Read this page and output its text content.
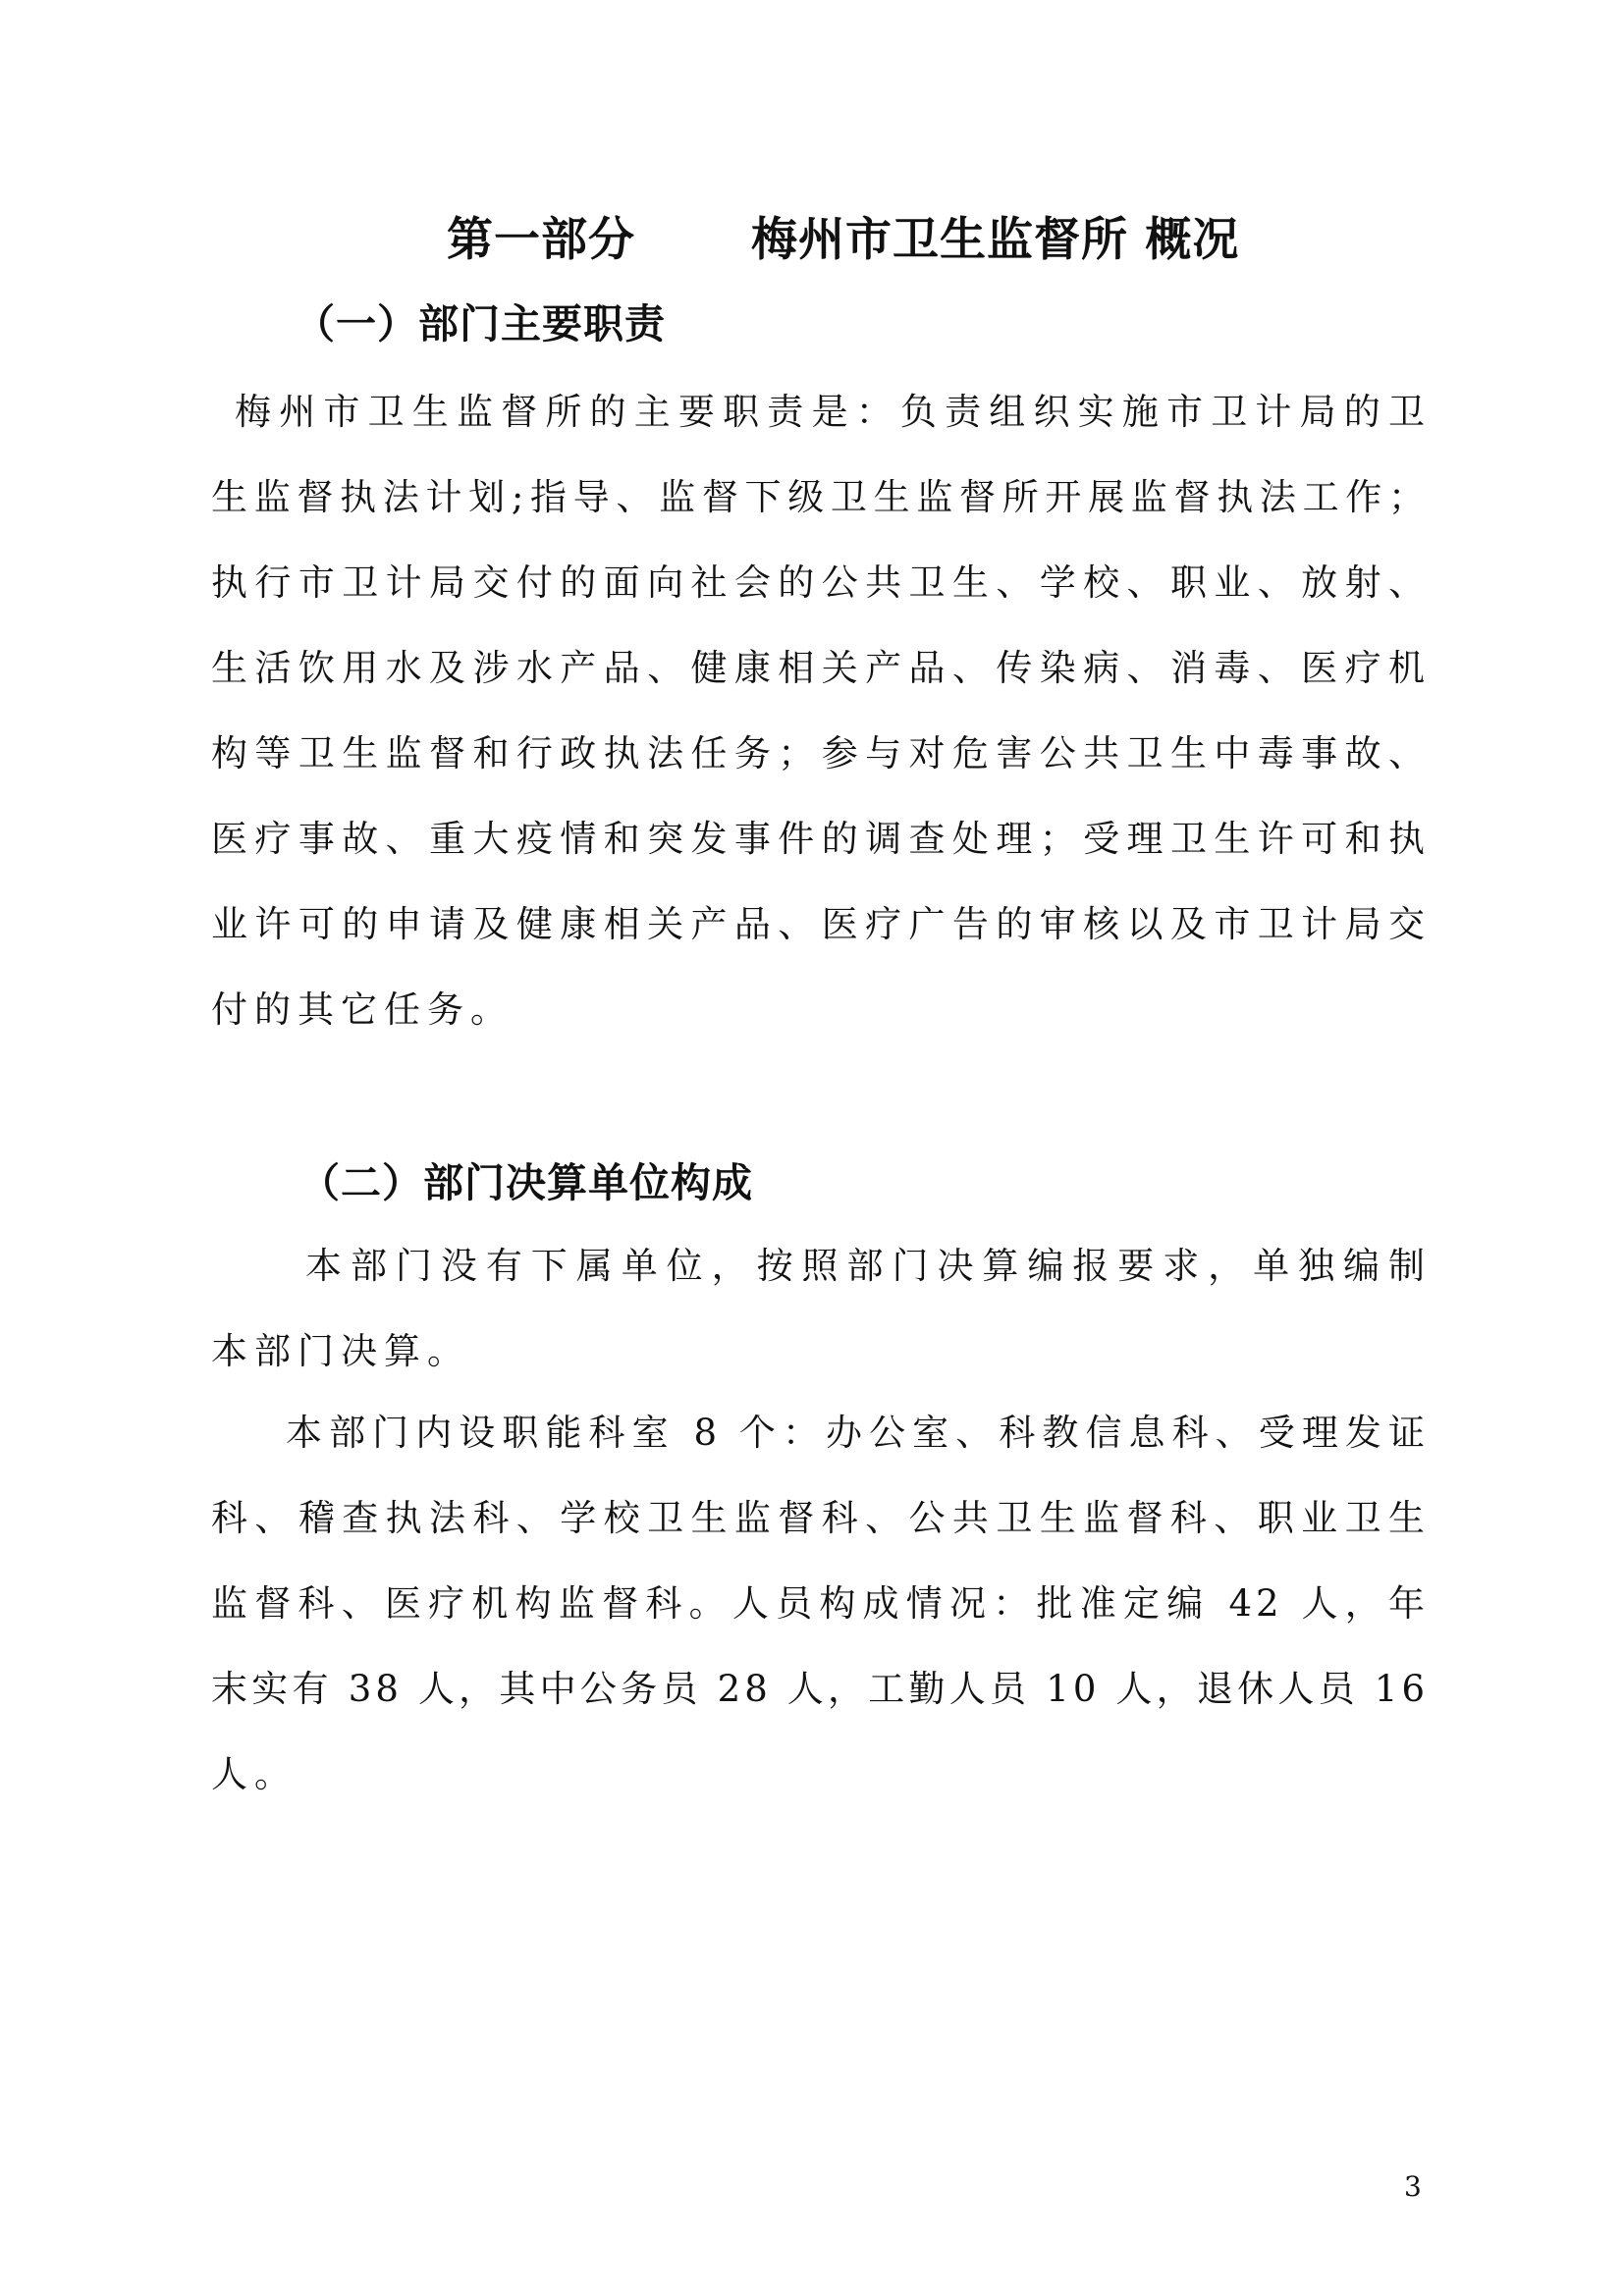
第一部分	梅州市卫生监督所 概况
（一）部门主要职责
梅州市卫生监督所的主要职责是：负责组织实施市卫计局的卫
生监督执法计划;指导、监督下级卫生监督所开展监督执法工作；
执行市卫计局交付的面向社会的公共卫生、学校、职业、放射、
生活饮用水及涉水产品、健康相关产品、传染病、消毒、医疗机
构等卫生监督和行政执法任务；参与对危害公共卫生中毒事故、
医疗事故、重大疫情和突发事件的调查处理；受理卫生许可和执
业许可的申请及健康相关产品、医疗广告的审核以及市卫计局交
付的其它任务。
（二）部门决算单位构成
本部门没有下属单位，按照部门决算编报要求，单独编制
本部门决算。
本部门内设职能科室 8 个：办公室、科教信息科、受理发证
科、稽查执法科、学校卫生监督科、公共卫生监督科、职业卫生
监督科、医疗机构监督科。人员构成情况：批准定编 42 人，年
末实有 38 人，其中公务员 28 人，工勤人员 10 人，退休人员 16
人。
3
